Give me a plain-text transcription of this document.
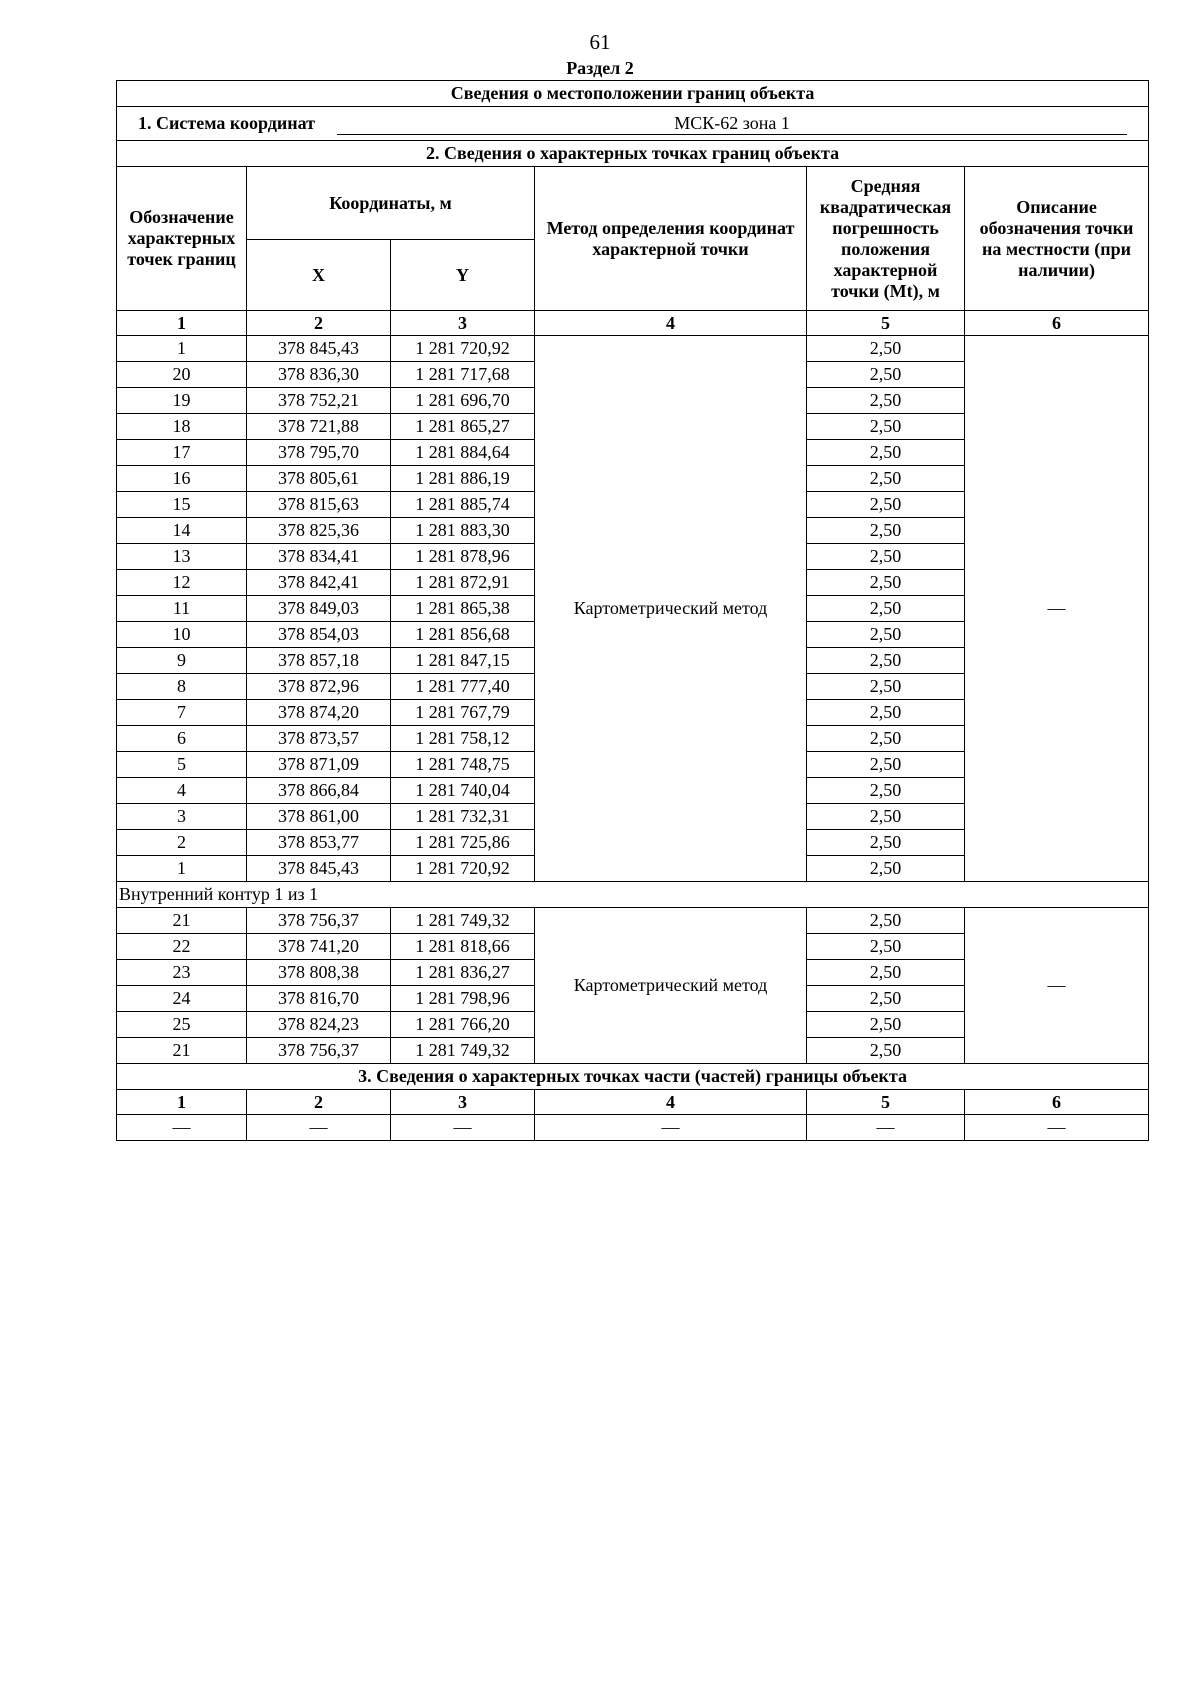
61
Раздел 2
Сведения о местоположении границ объекта					
1. Система координат МСК-62 зона 1					
2. Сведения о характерных точках границ объекта					
Обозначение характерных точек границ	Координаты, м		Метод определения координат характерной точки	Средняя квадратическая погрешность положения характерной точки (Mt), м	Описание обозначения точки на местности (при наличии)
	X	Y			
1	2	3	4	5	6
1	378 845,43	1 281 720,92	Картометрический метод	2,50	—
20	378 836,30	1 281 717,68		2,50	
19	378 752,21	1 281 696,70		2,50	
18	378 721,88	1 281 865,27		2,50	
17	378 795,70	1 281 884,64		2,50	
16	378 805,61	1 281 886,19		2,50	
15	378 815,63	1 281 885,74		2,50	
14	378 825,36	1 281 883,30		2,50	
13	378 834,41	1 281 878,96		2,50	
12	378 842,41	1 281 872,91		2,50	
11	378 849,03	1 281 865,38		2,50	
10	378 854,03	1 281 856,68		2,50	
9	378 857,18	1 281 847,15		2,50	
8	378 872,96	1 281 777,40		2,50	
7	378 874,20	1 281 767,79		2,50	
6	378 873,57	1 281 758,12		2,50	
5	378 871,09	1 281 748,75		2,50	
4	378 866,84	1 281 740,04		2,50	
3	378 861,00	1 281 732,31		2,50	
2	378 853,77	1 281 725,86		2,50	
1	378 845,43	1 281 720,92		2,50	
Внутренний контур 1 из 1					
21	378 756,37	1 281 749,32	Картометрический метод	2,50	—
22	378 741,20	1 281 818,66		2,50	
23	378 808,38	1 281 836,27		2,50	
24	378 816,70	1 281 798,96		2,50	
25	378 824,23	1 281 766,20		2,50	
21	378 756,37	1 281 749,32		2,50	
3. Сведения о характерных точках части (частей) границы объекта					
1	2	3	4	5	6
—	—	—	—	—	—
